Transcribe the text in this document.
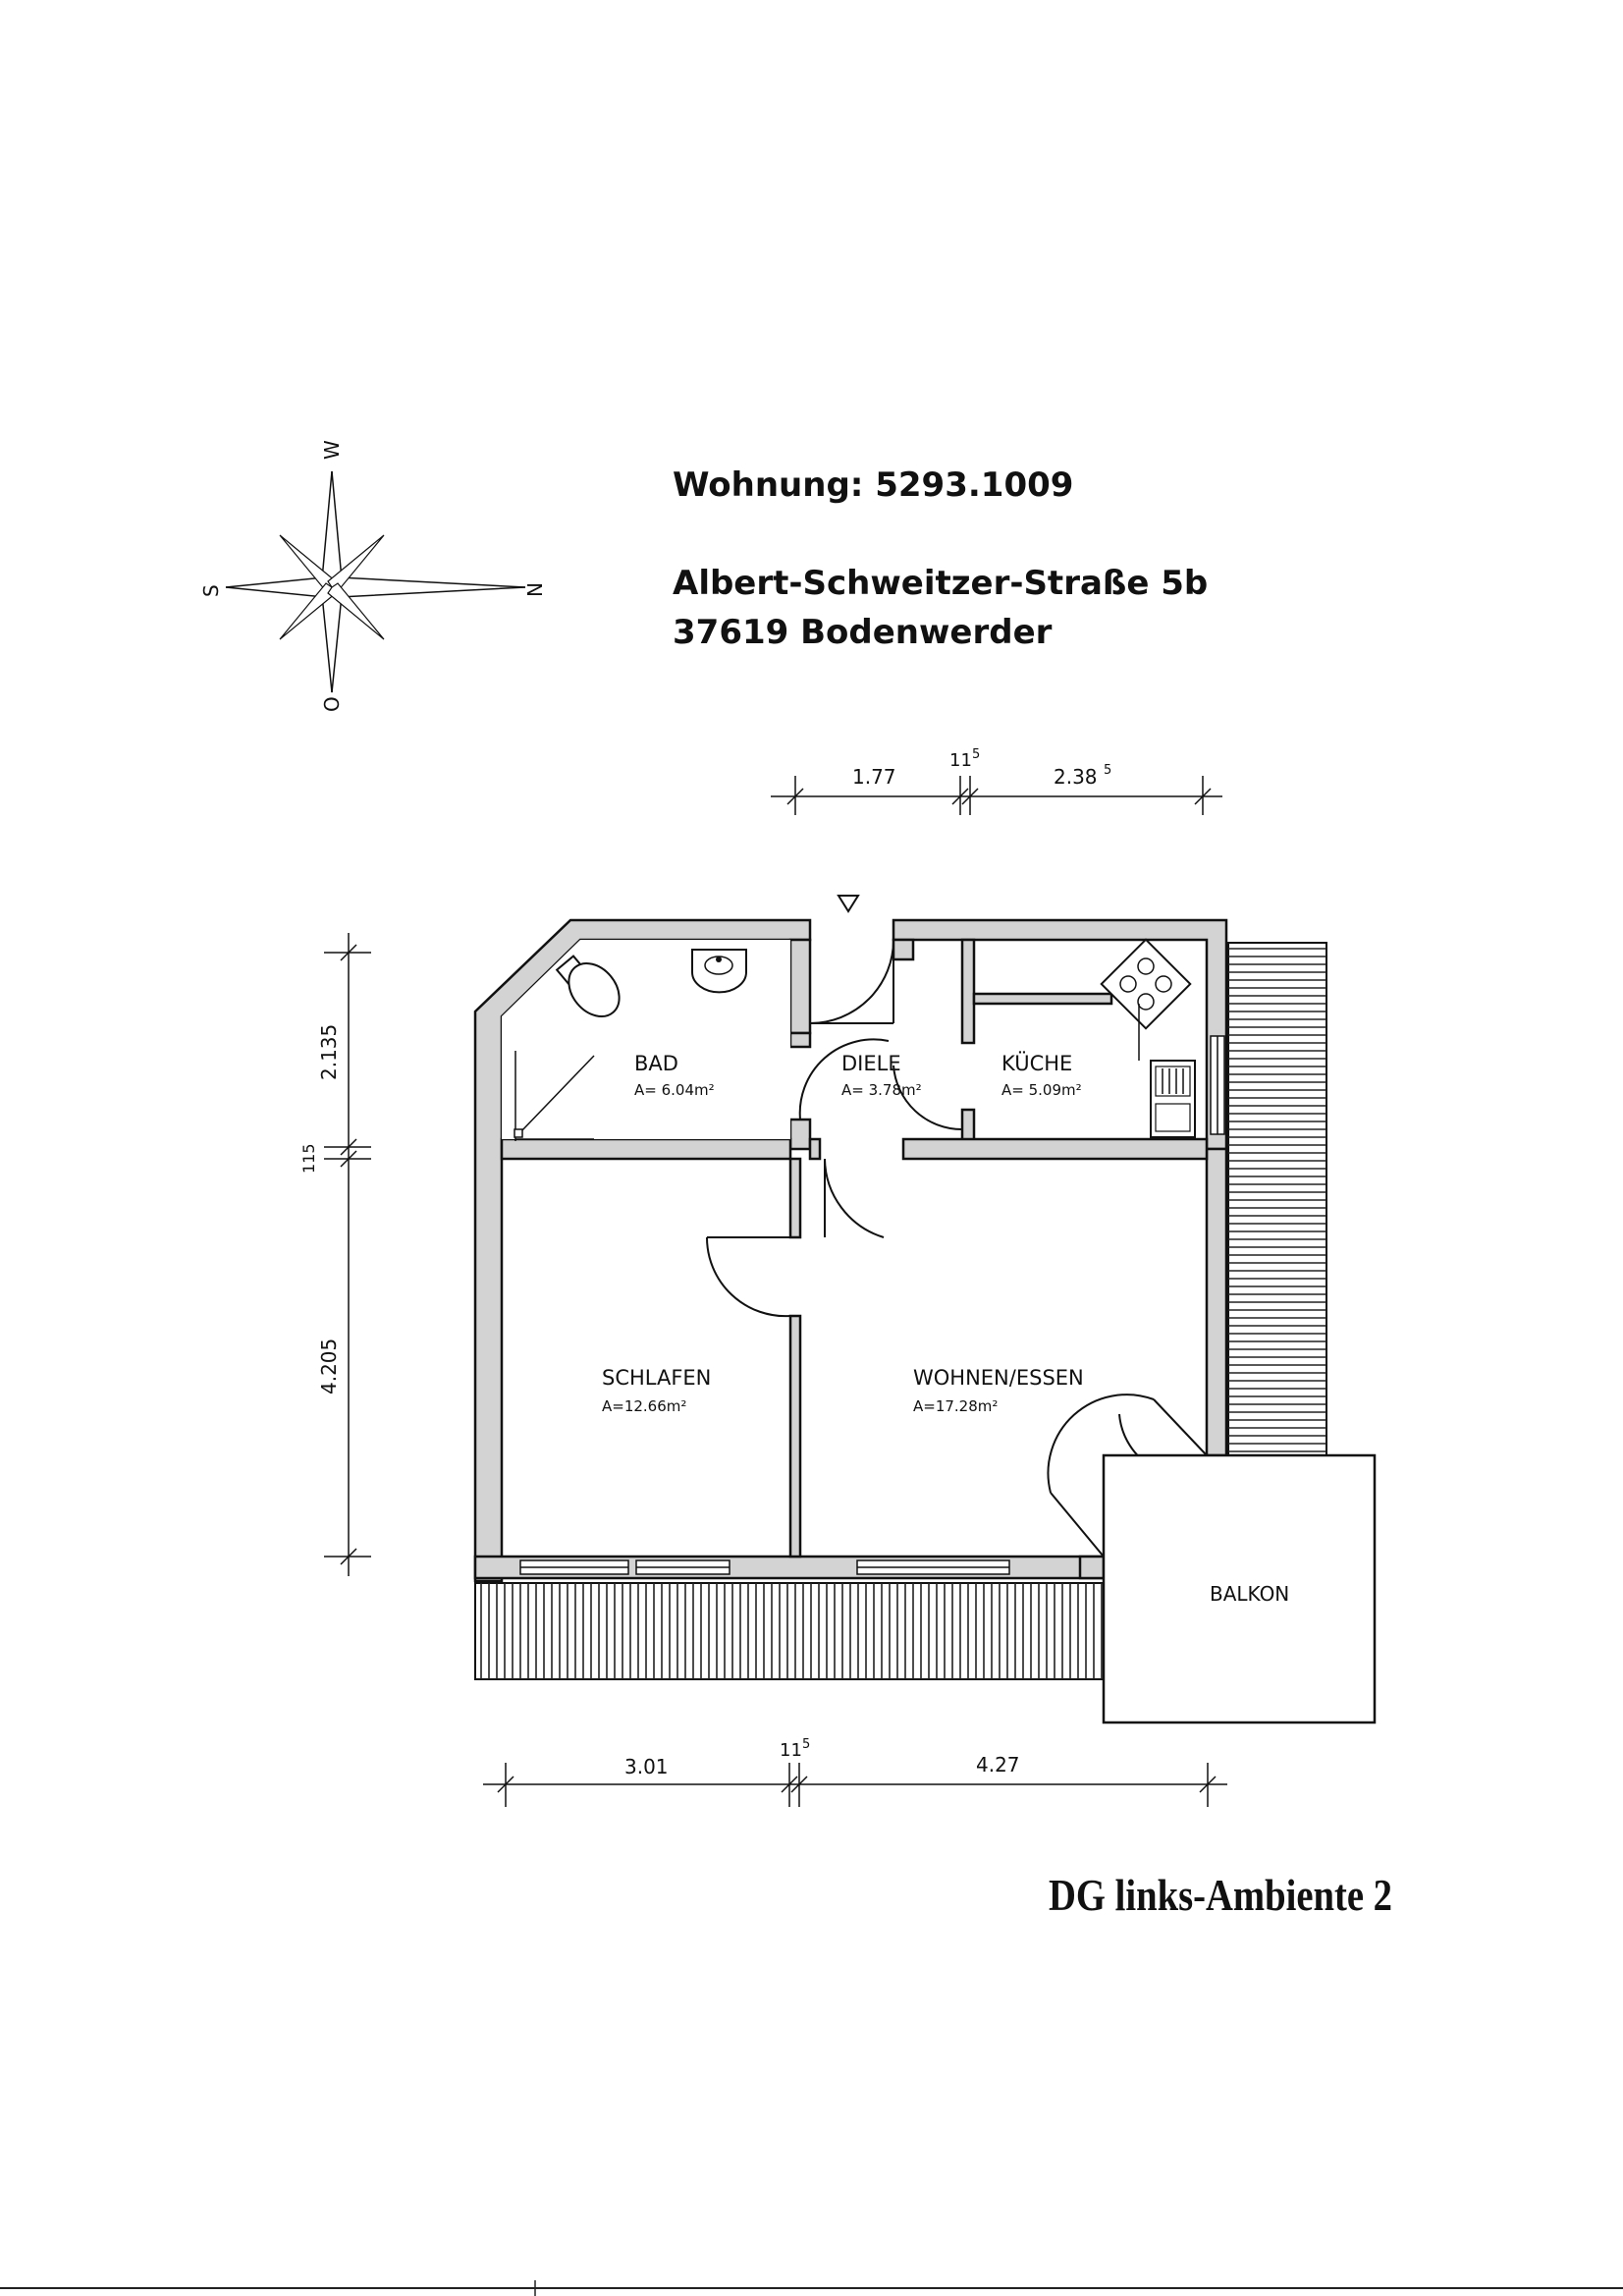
Wohnung: 5293.1009
Albert-Schweitzer-Straße 5b
37619 Bodenwerder
W
O
S	N
1.77
11 5
2.38 5
2.135
115
4.205
3.01
11 5
4.27
BAD
A= 6.04m²
DIELE
A= 3.78m²
KÜCHE
A= 5.09m²
SCHLAFEN
A=12.66m²
WOHNEN/ESSEN
A=17.28m²
BALKON
DG links-Ambiente 2
